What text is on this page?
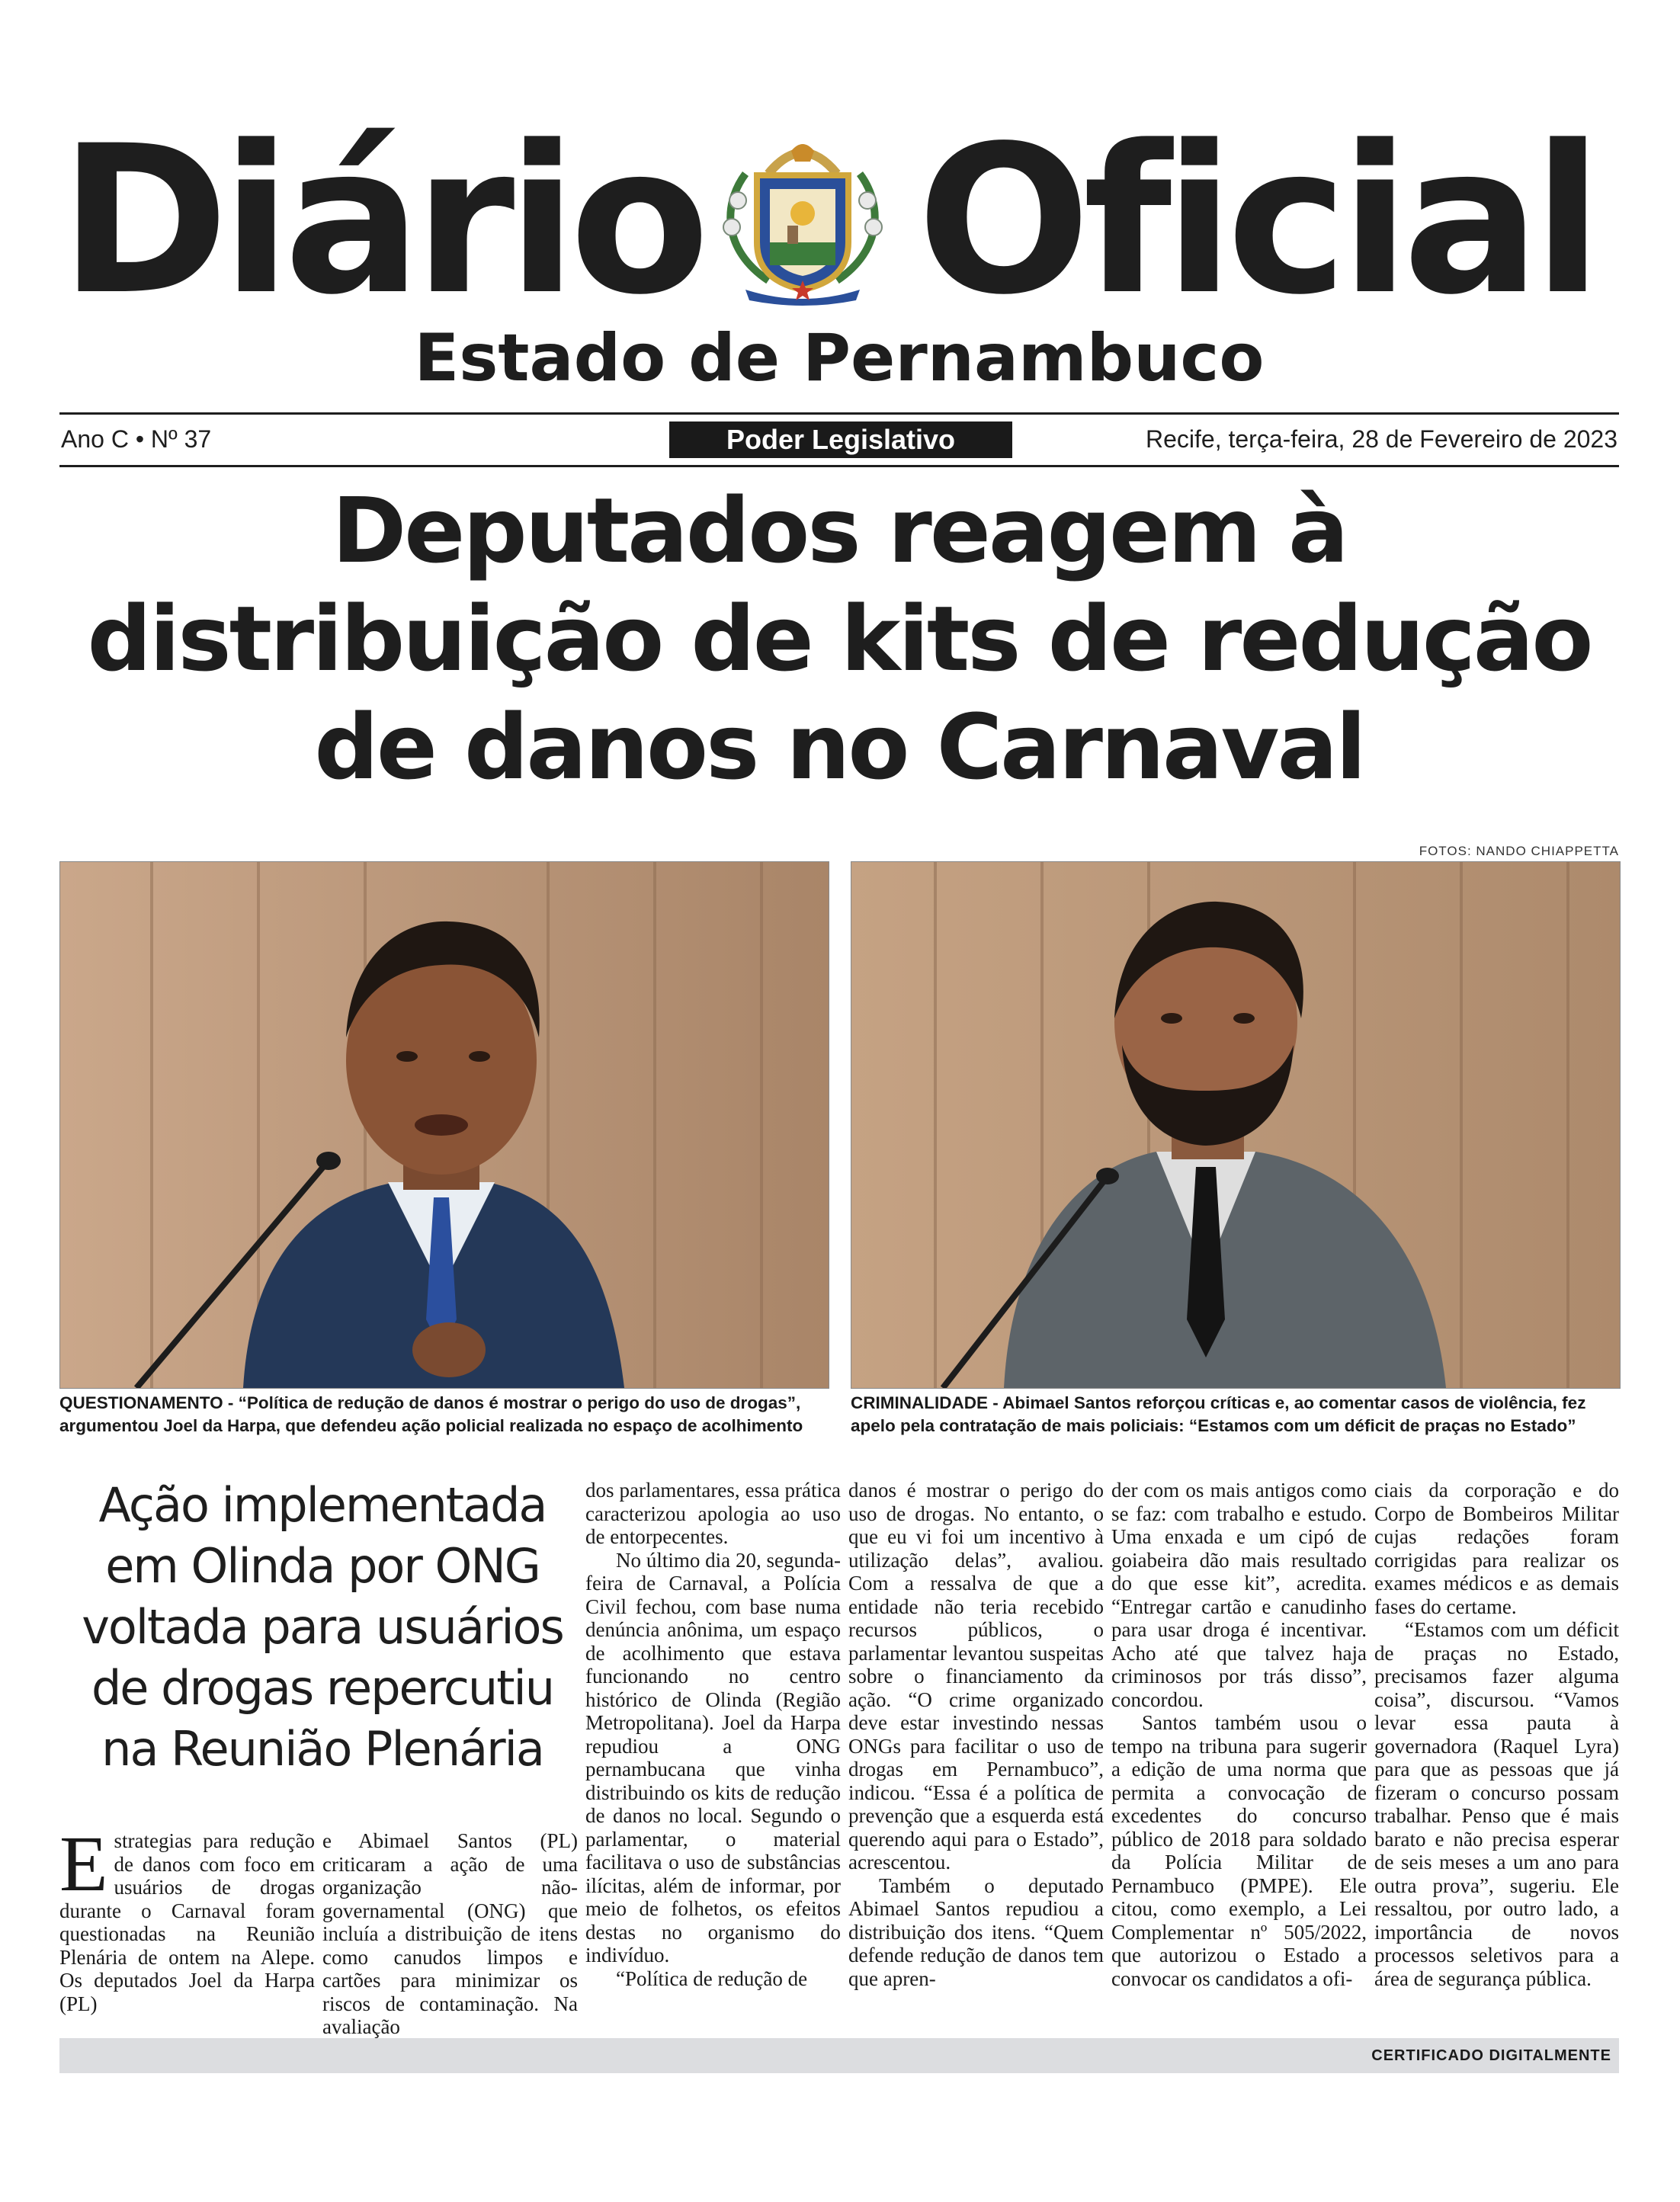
Diário Oficial
Estado de Pernambuco
Ano C • Nº 37	Poder Legislativo	Recife, terça-feira, 28 de Fevereiro de 2023
Deputados reagem à
distribuição de kits de redução
de danos no Carnaval
FOTOS: NANDO CHIAPPETTA
QUESTIONAMENTO - “Política de redução de danos é mostrar o perigo do uso de drogas”, argumentou Joel da Harpa, que defendeu ação policial realizada no espaço de acolhimento
CRIMINALIDADE - Abimael Santos reforçou críticas e, ao comentar casos de violência, fez apelo pela contratação de mais policiais: “Estamos com um déficit de praças no Estado”
Ação implementada em Olinda por ONG voltada para usuários de drogas repercutiu na Reunião Plenária

Estrategias para redução de danos com foco em usuários de drogas durante o Carnaval foram questionadas na Reunião Plenária de ontem na Alepe. Os deputados Joel da Harpa (PL)

e Abimael Santos (PL) criticaram a ação de uma organização não-governamental (ONG) que incluía a distribuição de itens como canudos limpos e cartões para minimizar os riscos de contaminação. Na avaliação

dos parlamentares, essa prática caracterizou apologia ao uso de entorpecentes.

No último dia 20, segunda-feira de Carnaval, a Polícia Civil fechou, com base numa denúncia anônima, um espaço de acolhimento que estava funcionando no centro histórico de Olinda (Região Metropolitana). Joel da Harpa repudiou a ONG pernambucana que vinha distribuindo os kits de redução de danos no local. Segundo o parlamentar, o material facilitava o uso de substâncias ilícitas, além de informar, por meio de folhetos, os efeitos destas no organismo do indivíduo.

“Política de redução de

danos é mostrar o perigo do uso de drogas. No entanto, o que eu vi foi um incentivo à utilização delas”, avaliou. Com a ressalva de que a entidade não teria recebido recursos públicos, o parlamentar levantou suspeitas sobre o financiamento da ação. “O crime organizado deve estar investindo nessas ONGs para facilitar o uso de drogas em Pernambuco”, indicou. “Essa é a política de prevenção que a esquerda está querendo aqui para o Estado”, acrescentou.

Também o deputado Abimael Santos repudiou a distribuição dos itens. “Quem defende redução de danos tem que apren-

der com os mais antigos como se faz: com trabalho e estudo. Uma enxada e um cipó de goiabeira dão mais resultado do que esse kit”, acredita. “Entregar cartão e canudinho para usar droga é incentivar. Acho até que talvez haja criminosos por trás disso”, concordou.

Santos também usou o tempo na tribuna para sugerir a edição de uma norma que permita a convocação de excedentes do concurso público de 2018 para soldado da Polícia Militar de Pernambuco (PMPE). Ele citou, como exemplo, a Lei Complementar nº 505/2022, que autorizou o Estado a convocar os candidatos a ofi-

ciais da corporação e do Corpo de Bombeiros Militar cujas redações foram corrigidas para realizar os exames médicos e as demais fases do certame.

“Estamos com um déficit de praças no Estado, precisamos fazer alguma coisa”, discursou. “Vamos levar essa pauta à governadora (Raquel Lyra) para que as pessoas que já fizeram o concurso possam trabalhar. Penso que é mais barato e não precisa esperar de seis meses a um ano para outra prova”, sugeriu. Ele ressaltou, por outro lado, a importância de novos processos seletivos para a área de segurança pública.

CERTIFICADO DIGITALMENTE
